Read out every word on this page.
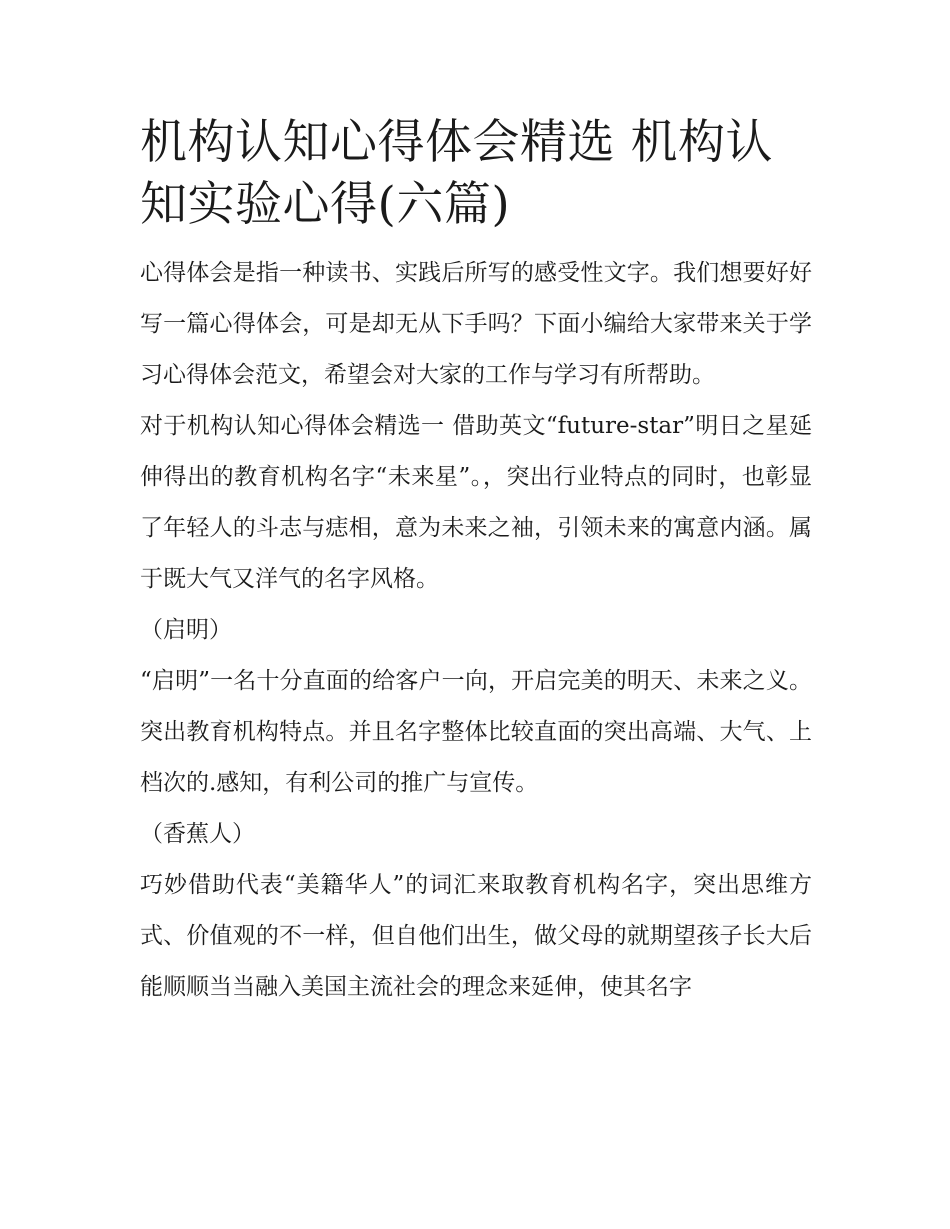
机构认知心得体会精选 机构认知实验心得(六篇)

心得体会是指一种读书、实践后所写的感受性文字。我们想要好好写一篇心得体会，可是却无从下手吗？下面小编给大家带来关于学习心得体会范文，希望会对大家的工作与学习有所帮助。

对于机构认知心得体会精选一 借助英文“future-star”明日之星延伸得出的教育机构名字“未来星”。，突出行业特点的同时，也彰显了年轻人的斗志与痣相，意为未来之袖，引领未来的寓意内涵。属于既大气又洋气的名字风格。

（启明）

“启明”一名十分直面的给客户一向，开启完美的明天、未来之义。突出教育机构特点。并且名字整体比较直面的突出高端、大气、上档次的.感知，有利公司的推广与宣传。

（香蕉人）

巧妙借助代表“美籍华人”的词汇来取教育机构名字，突出思维方式、价值观的不一样，但自他们出生，做父母的就期望孩子长大后能顺顺当当融入美国主流社会的理念来延伸，使其名字
